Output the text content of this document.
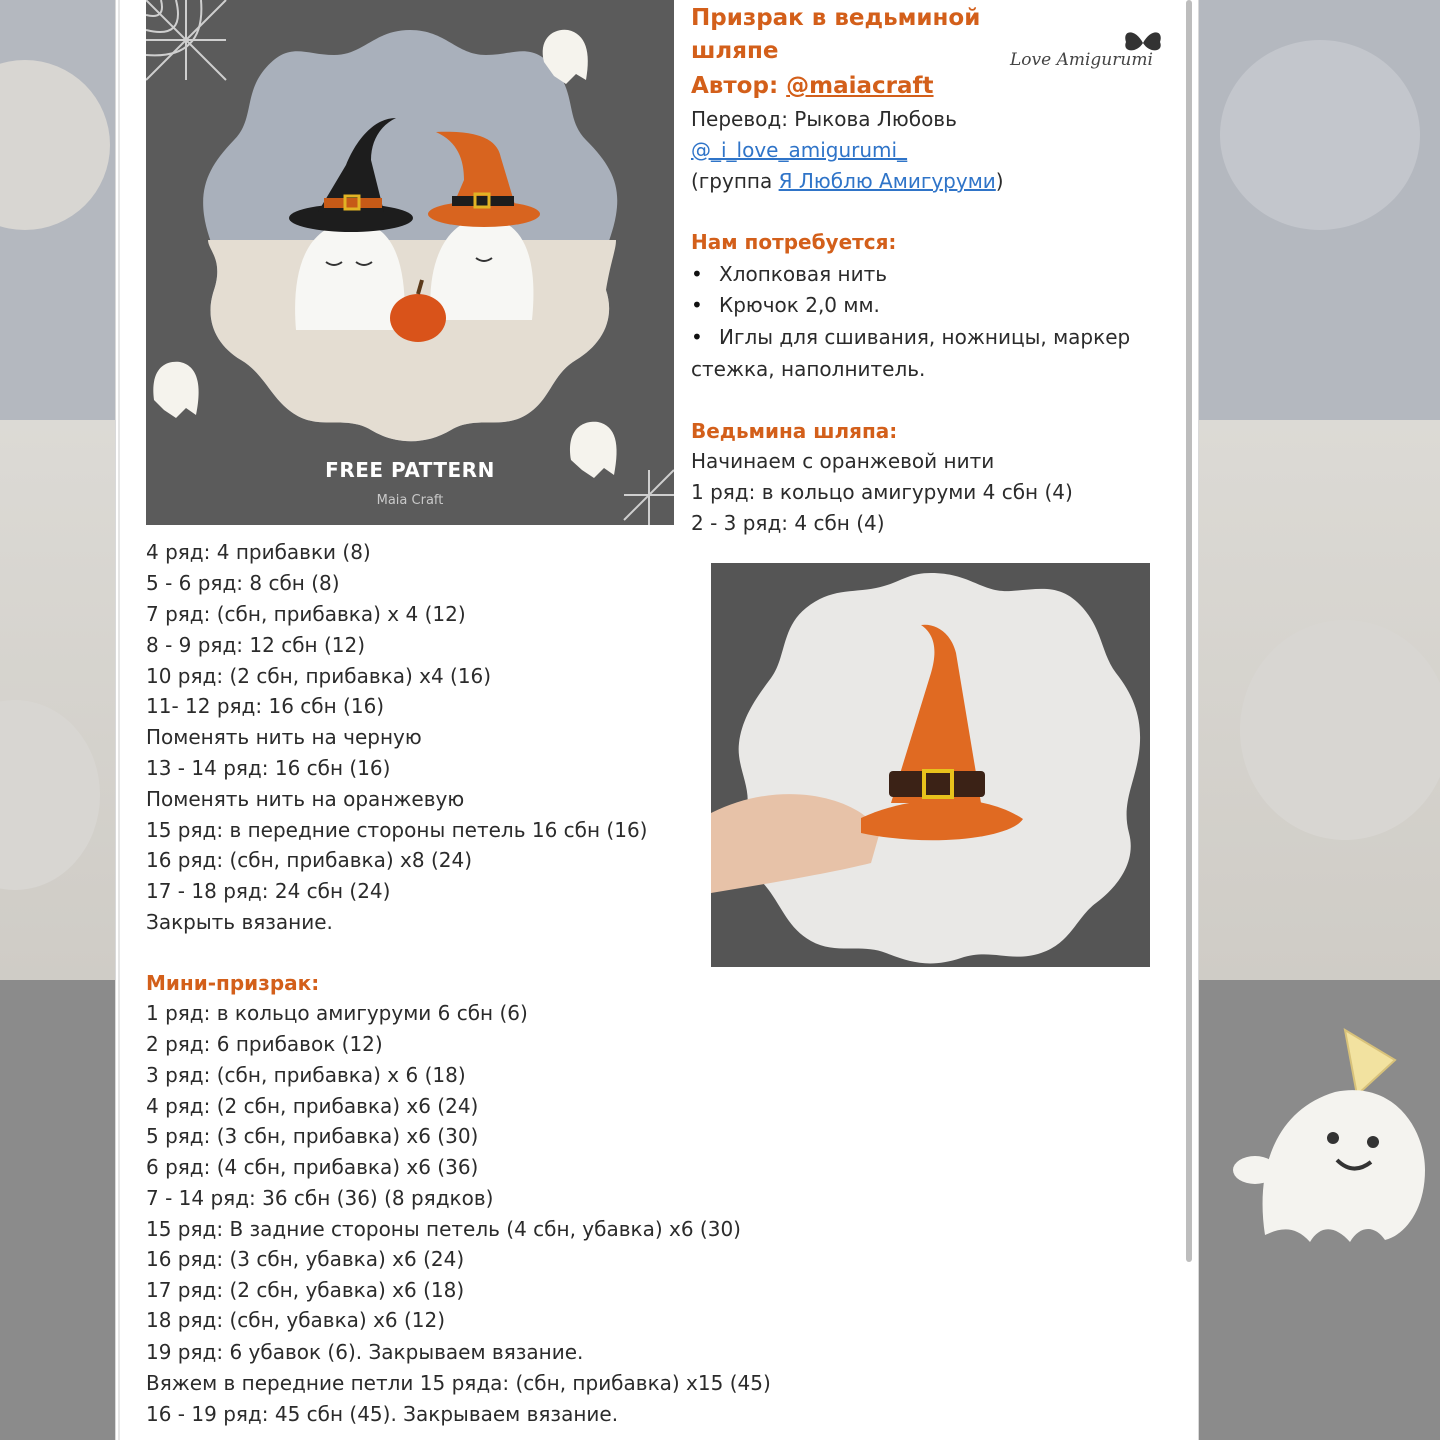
FREE PATTERN
Maia Craft
Love Amigurumi

Призрак в ведьминой

шляпе

Автор: @maiacraft

Перевод: Рыкова Любовь

@_i_love_amigurumi_

(группа Я Люблю Амигуруми)

Нам потребуется:

• Хлопковая нить

• Крючок 2,0 мм.

• Иглы для сшивания, ножницы, маркер

стежка, наполнитель.

Ведьмина шляпа:

Начинаем с оранжевой нити

1 ряд: в кольцо амигуруми 4 сбн (4)

2 - 3 ряд: 4 сбн (4)

4 ряд: 4 прибавки (8)

5 - 6 ряд: 8 сбн (8)

7 ряд: (сбн, прибавка) х 4 (12)

8 - 9 ряд: 12 сбн (12)

10 ряд: (2 сбн, прибавка) х4 (16)

11- 12 ряд: 16 сбн (16)

Поменять нить на черную

13 - 14 ряд: 16 сбн (16)

Поменять нить на оранжевую

15 ряд: в передние стороны петель 16 сбн (16)

16 ряд: (сбн, прибавка) х8 (24)

17 - 18 ряд: 24 сбн (24)

Закрыть вязание.

Мини-призрак:

1 ряд: в кольцо амигуруми 6 сбн (6)

2 ряд: 6 прибавок (12)

3 ряд: (сбн, прибавка) х 6 (18)

4 ряд: (2 сбн, прибавка) х6 (24)

5 ряд: (3 сбн, прибавка) х6 (30)

6 ряд: (4 сбн, прибавка) х6 (36)

7 - 14 ряд: 36 сбн (36) (8 рядков)

15 ряд: В задние стороны петель (4 сбн, убавка) х6 (30)

16 ряд: (3 сбн, убавка) х6 (24)

17 ряд: (2 сбн, убавка) х6 (18)

18 ряд: (сбн, убавка) х6 (12)

19 ряд: 6 убавок (6). Закрываем вязание.

Вяжем в передние петли 15 ряда: (сбн, прибавка) х15 (45)

16 - 19 ряд: 45 сбн (45). Закрываем вязание.
